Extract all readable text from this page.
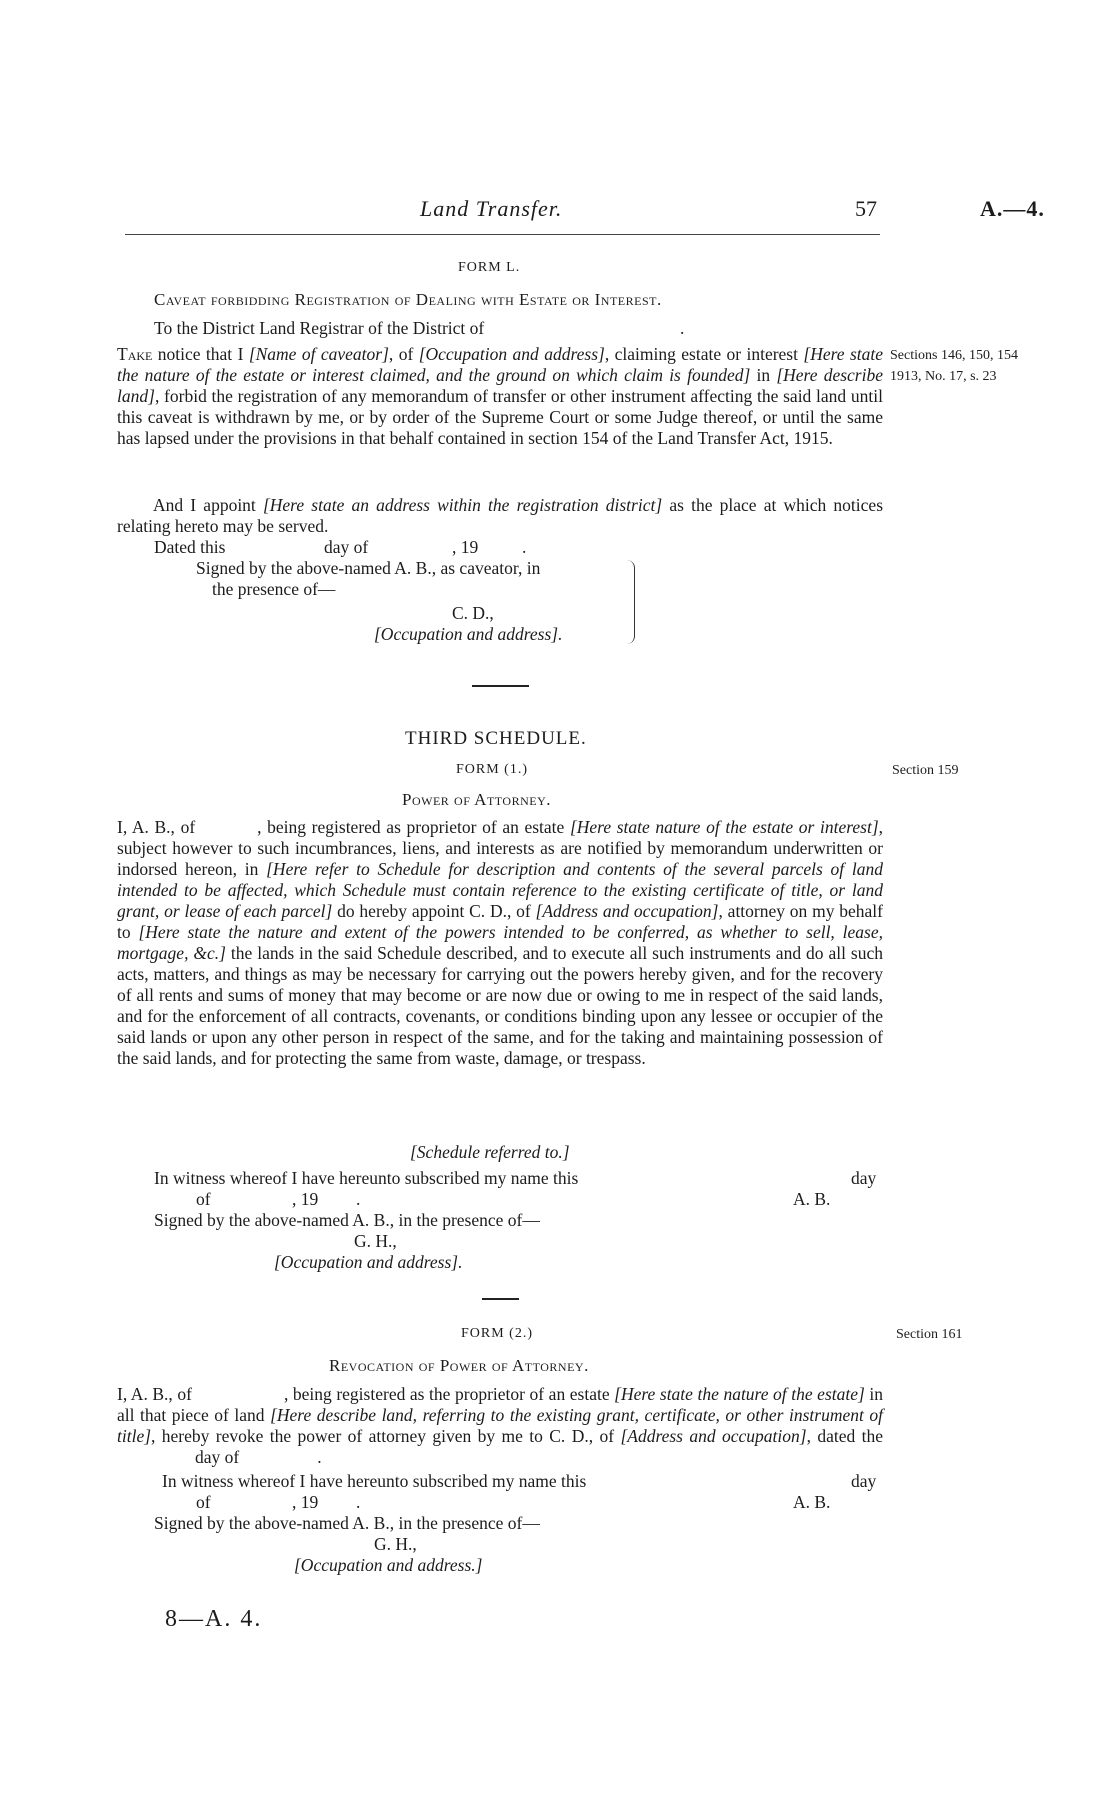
Land Transfer.	57	A.—4.
FORM L.
Caveat forbidding Registration of Dealing with Estate or Interest.
To the District Land Registrar of the District of	.
Sections 146, 150, 154
1913, No. 17, s. 23

Take notice that I [Name of caveator], of [Occupation and address], claiming estate or interest [Here state the nature of the estate or interest claimed, and the ground on which claim is founded] in [Here describe land], forbid the registration of any memorandum of transfer or other instrument affecting the said land until this caveat is withdrawn by me, or by order of the Supreme Court or some Judge thereof, or until the same has lapsed under the provisions in that behalf contained in section 154 of the Land Transfer Act, 1915.

And I appoint [Here state an address within the registration district] as the place at which notices relating hereto may be served.

Dated this	day of	, 19	.
Signed by the above-named A. B., as caveator, in
the presence of—
C. D.,
[Occupation and address].
THIRD SCHEDULE.
FORM (1.)	Section 159
Power of Attorney.

I, A. B., of	, being registered as proprietor of an estate [Here state nature of the estate or interest], subject however to such incumbrances, liens, and interests as are notified by memorandum underwritten or indorsed hereon, in [Here refer to Schedule for description and contents of the several parcels of land intended to be affected, which Schedule must contain reference to the existing certificate of title, or land grant, or lease of each parcel] do hereby appoint C. D., of [Address and occupation], attorney on my behalf to [Here state the nature and extent of the powers intended to be conferred, as whether to sell, lease, mortgage, &c.] the lands in the said Schedule described, and to execute all such instruments and do all such acts, matters, and things as may be necessary for carrying out the powers hereby given, and for the recovery of all rents and sums of money that may become or are now due or owing to me in respect of the said lands, and for the enforcement of all contracts, covenants, or conditions binding upon any lessee or occupier of the said lands or upon any other person in respect of the same, and for the taking and maintaining possession of the said lands, and for protecting the same from waste, damage, or trespass.

[Schedule referred to.]
In witness whereof I have hereunto subscribed my name this	day
of	, 19 .	A. B.
Signed by the above-named A. B., in the presence of—
G. H.,
[Occupation and address].
FORM (2.)	Section 161
Revocation of Power of Attorney.

I, A. B., of	, being registered as the proprietor of an estate [Here state the nature of the estate] in all that piece of land [Here describe land, referring to the existing grant, certificate, or other instrument of title], hereby revoke the power of attorney given by me to C. D., of [Address and occupation], dated theday of	.

In witness whereof I have hereunto subscribed my name this	day
of	, 19 .	A. B.
Signed by the above-named A. B., in the presence of—
G. H.,
[Occupation and address.]
8—A. 4.
